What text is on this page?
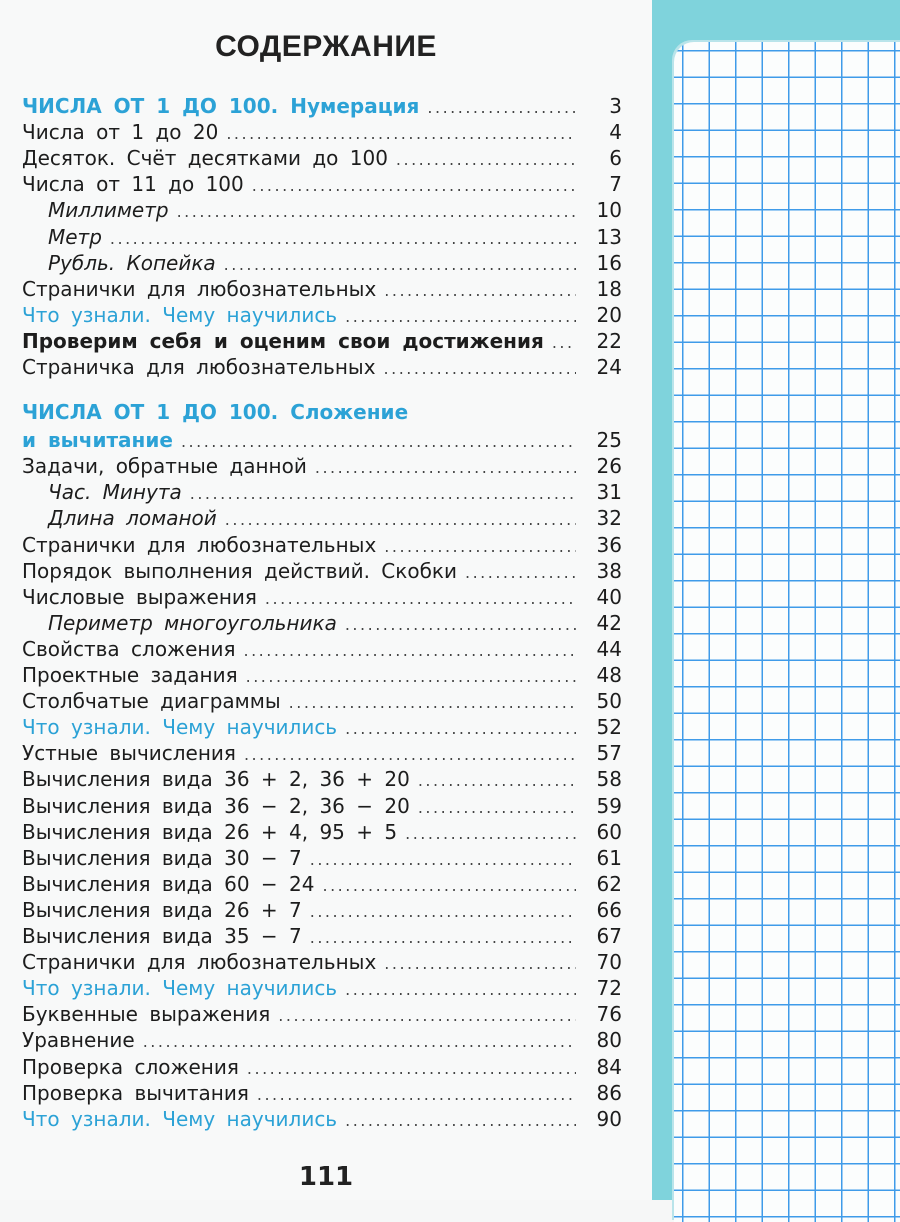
СОДЕРЖАНИЕ
ЧИСЛА ОТ 1 ДО 100. Нумерация .....	3
Числа от 1 до 20 .....	4
Десяток. Счёт десятками до 100 .....	6
Числа от 11 до 100 .....	7
Миллиметр .....	10
Метр .....	13
Рубль. Копейка .....	16
Странички для любознательных .....	18
Что узнали. Чему научились .....	20
Проверим себя и оценим свои достижения .....	22
Страничка для любознательных .....	24
ЧИСЛА ОТ 1 ДО 100. Сложение
и вычитание .....	25
Задачи, обратные данной .....	26
Час. Минута .....	31
Длина ломаной .....	32
Странички для любознательных .....	36
Порядок выполнения действий. Скобки .....	38
Числовые выражения .....	40
Периметр многоугольника .....	42
Свойства сложения .....	44
Проектные задания .....	48
Столбчатые диаграммы .....	50
Что узнали. Чему научились .....	52
Устные вычисления .....	57
Вычисления вида 36 + 2, 36 + 20 .....	58
Вычисления вида 36 − 2, 36 − 20 .....	59
Вычисления вида 26 + 4, 95 + 5 .....	60
Вычисления вида 30 − 7 .....	61
Вычисления вида 60 − 24 .....	62
Вычисления вида 26 + 7 .....	66
Вычисления вида 35 − 7 .....	67
Странички для любознательных .....	70
Что узнали. Чему научились .....	72
Буквенные выражения .....	76
Уравнение .....	80
Проверка сложения .....	84
Проверка вычитания .....	86
Что узнали. Чему научились .....	90
111
